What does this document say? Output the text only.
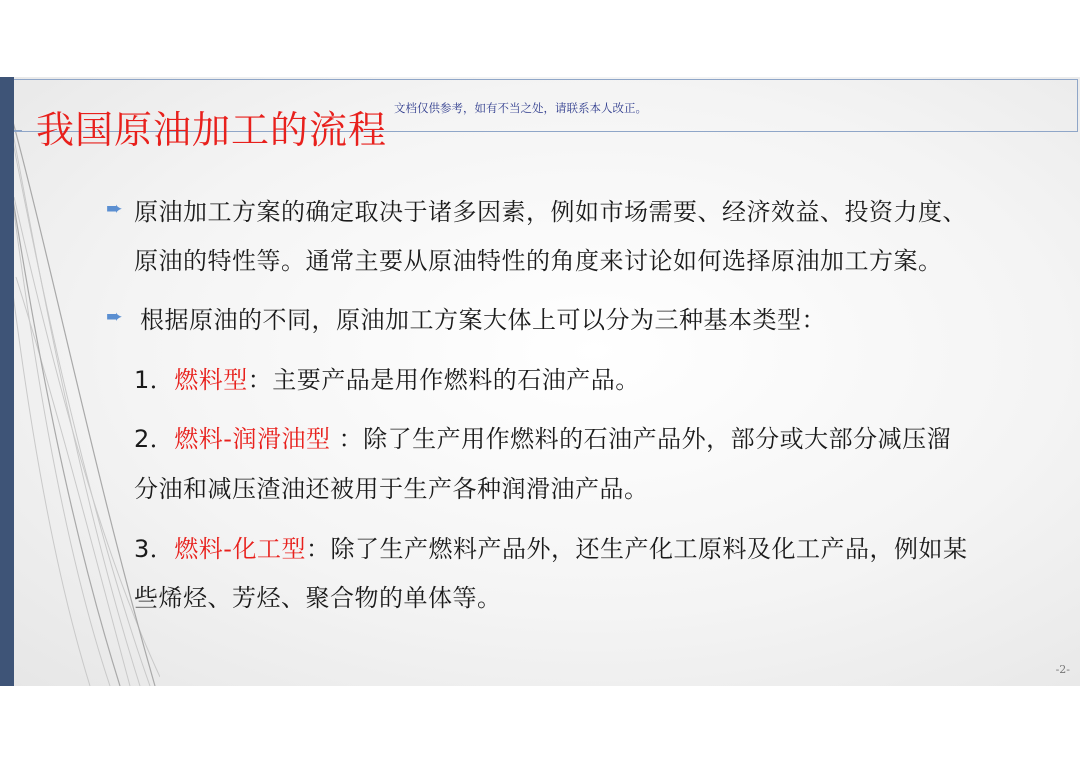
我国原油加工的流程 文档仅供参考，如有不当之处，请联系本人改正。
➨ 原油加工方案的确定取决于诸多因素，例如市场需要、经济效益、投资力度、
原油的特性等。通常主要从原油特性的角度来讨论如何选择原油加工方案。
➨ 根据原油的不同，原油加工方案大体上可以分为三种基本类型：
1．燃料型：主要产品是用作燃料的石油产品。
2．燃料-润滑油型 ：除了生产用作燃料的石油产品外，部分或大部分减压溜
分油和减压渣油还被用于生产各种润滑油产品。
3．燃料-化工型：除了生产燃料产品外，还生产化工原料及化工产品，例如某
些烯烃、芳烃、聚合物的单体等。
-2-
